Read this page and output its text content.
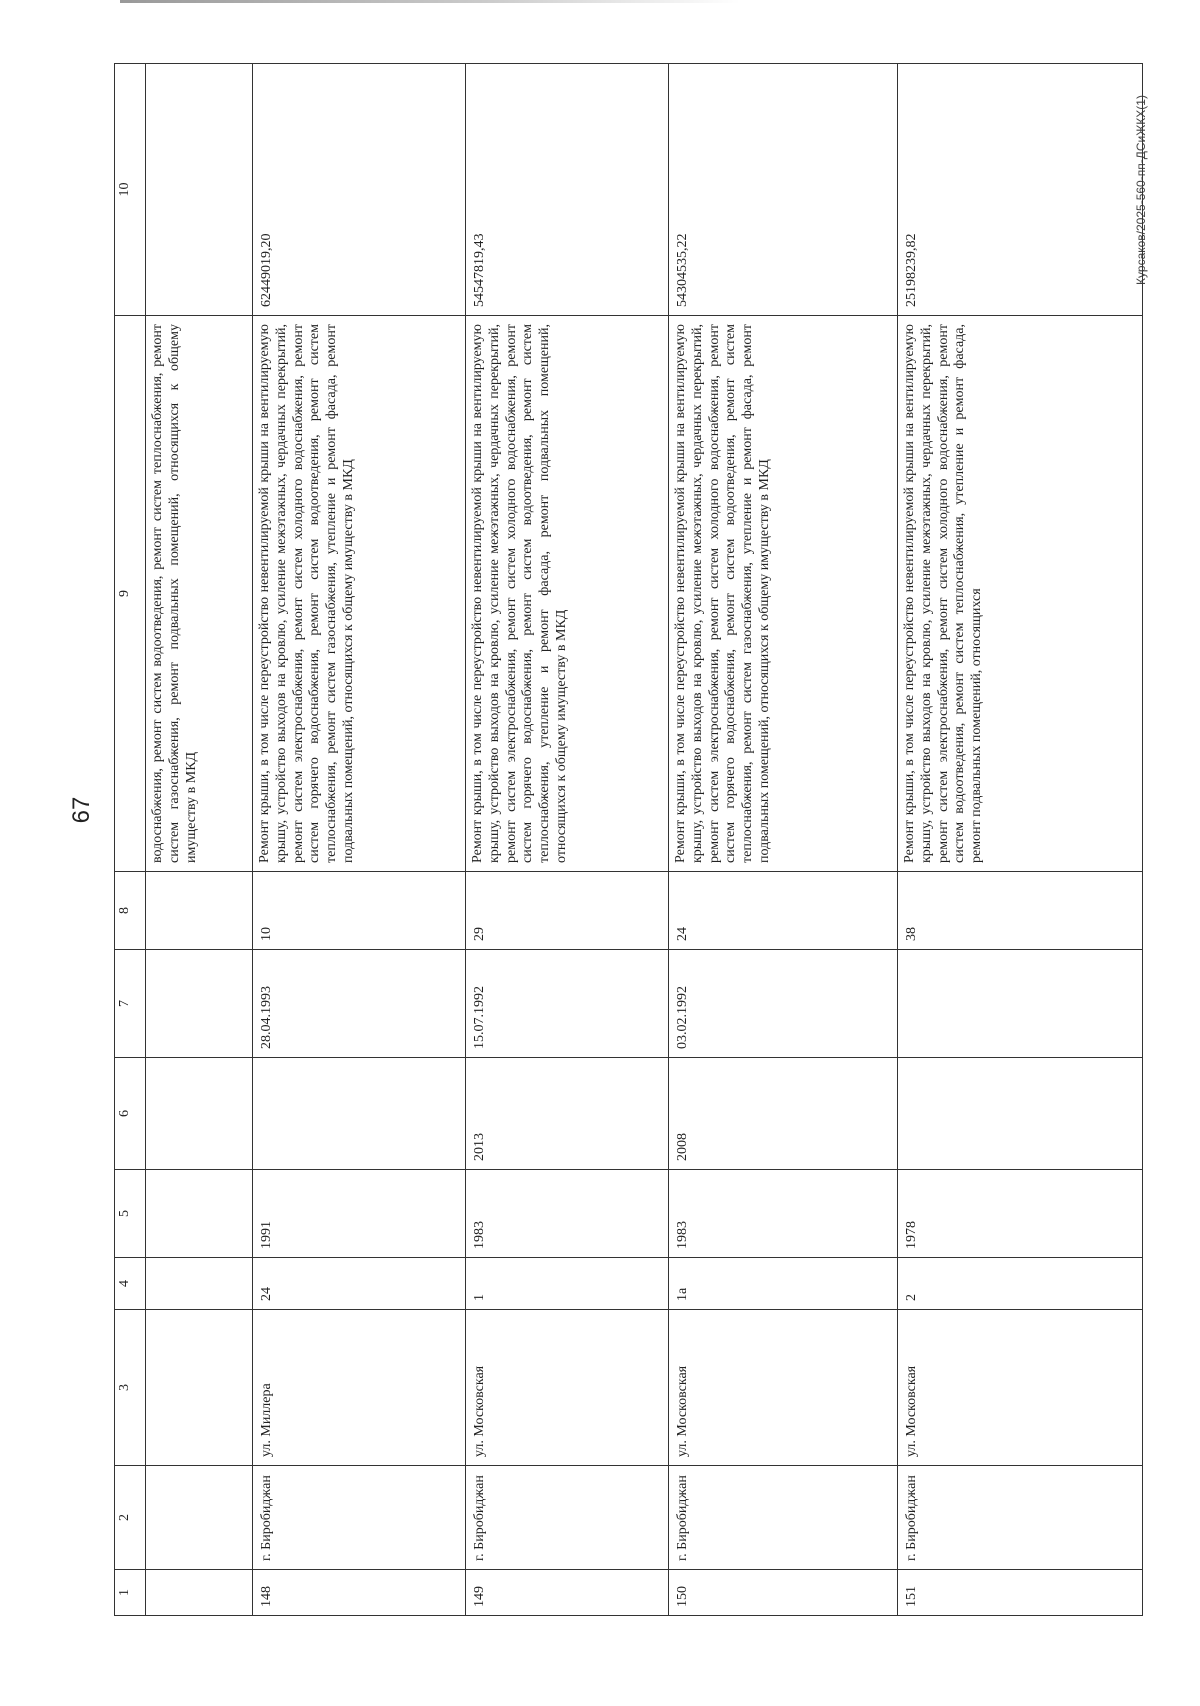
67
Курсаков/2025-560-пп-ДСиЖКХ(1)
1	2	3	4	5	6	7	8	9	10
								водоснабжения, ремонт систем водоотведения, ремонт систем теплоснабжения, ремонт систем газоснабжения, ремонт подвальных помещений, относящихся к общему имуществу в МКД	
148	г. Биробиджан	ул. Миллера	24	1991		28.04.1993	10	Ремонт крыши, в том числе переустройство невентилируемой крыши на вентилируемую крышу, устройство выходов на кровлю, усиление межэтажных, чердачных перекрытий, ремонт систем электроснабжения, ремонт систем холодного водоснабжения, ремонт систем горячего водоснабжения, ремонт систем водоотведения, ремонт систем теплоснабжения, ремонт систем газоснабжения, утепление и ремонт фасада, ремонт подвальных помещений, относящихся к общему имуществу в МКД	62449019,20
149	г. Биробиджан	ул. Московская	1	1983	2013	15.07.1992	29	Ремонт крыши, в том числе переустройство невентилируемой крыши на вентилируемую крышу, устройство выходов на кровлю, усиление межэтажных, чердачных перекрытий, ремонт систем электроснабжения, ремонт систем холодного водоснабжения, ремонт систем горячего водоснабжения, ремонт систем водоотведения, ремонт систем теплоснабжения, утепление и ремонт фасада, ремонт подвальных помещений, относящихся к общему имуществу в МКД	54547819,43
150	г. Биробиджан	ул. Московская	1а	1983	2008	03.02.1992	24	Ремонт крыши, в том числе переустройство невентилируемой крыши на вентилируемую крышу, устройство выходов на кровлю, усиление межэтажных, чердачных перекрытий, ремонт систем электроснабжения, ремонт систем холодного водоснабжения, ремонт систем горячего водоснабжения, ремонт систем водоотведения, ремонт систем теплоснабжения, ремонт систем газоснабжения, утепление и ремонт фасада, ремонт подвальных помещений, относящихся к общему имуществу в МКД	54304535,22
151	г. Биробиджан	ул. Московская	2	1978			38	Ремонт крыши, в том числе переустройство невентилируемой крыши на вентилируемую крышу, устройство выходов на кровлю, усиление межэтажных, чердачных перекрытий, ремонт систем электроснабжения, ремонт систем холодного водоснабжения, ремонт систем водоотведения, ремонт систем теплоснабжения, утепление и ремонт фасада, ремонт подвальных помещений, относящихся	25198239,82
